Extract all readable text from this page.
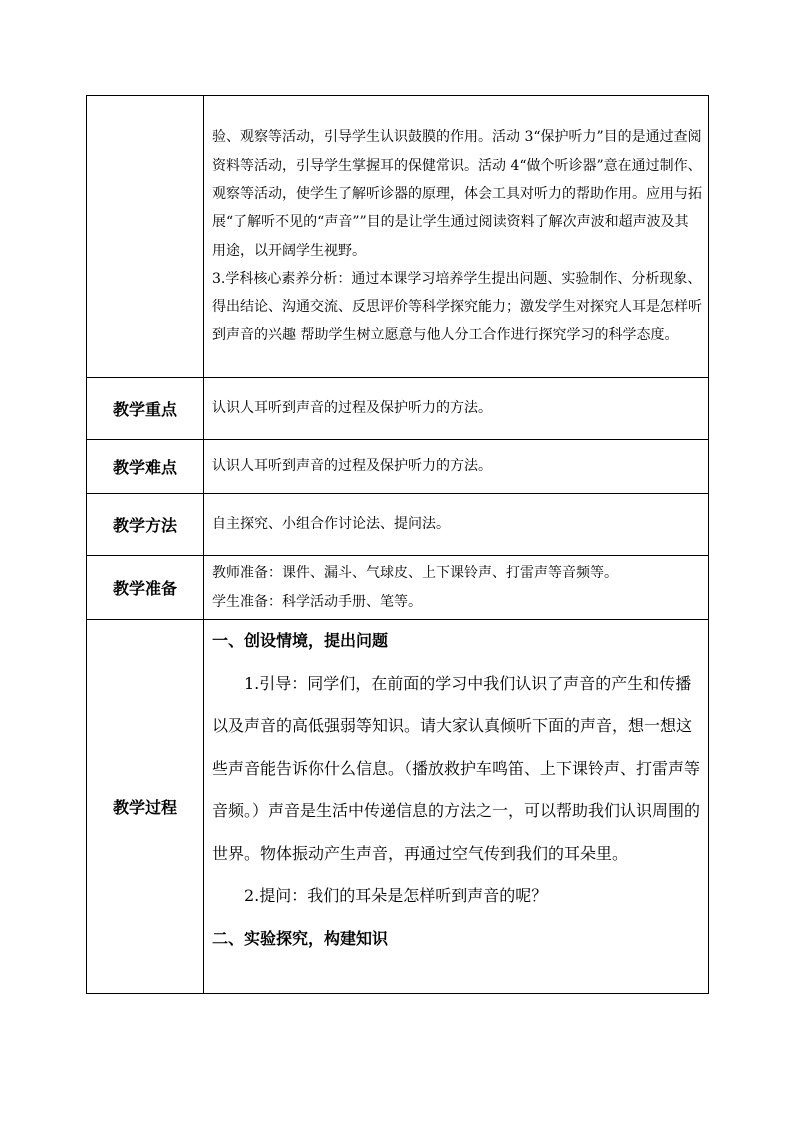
	验、观察等活动，引导学生认识鼓膜的作用。活动 3“保护听力”目的是通过查阅资料等活动，引导学生掌握耳的保健常识。活动 4“做个听诊器”意在通过制作、观察等活动，使学生了解听诊器的原理，体会工具对听力的帮助作用。应用与拓展“了解听不见的“声音””目的是让学生通过阅读资料了解次声波和超声波及其用途，以开阔学生视野。

3.学科核心素养分析：通过本课学习培养学生提出问题、实验制作、分析现象、得出结论、沟通交流、反思评价等科学探究能力；激发学生对探究人耳是怎样听到声音的兴趣 帮助学生树立愿意与他人分工合作进行探究学习的科学态度。

教学重点	认识人耳听到声音的过程及保护听力的方法。
教学难点	认识人耳听到声音的过程及保护听力的方法。
教学方法	自主探究、小组合作讨论法、提问法。
教学准备	教师准备：课件、漏斗、气球皮、上下课铃声、打雷声等音频等。

学生准备：科学活动手册、笔等。

教学过程	一、创设情境，提出问题

1.引导：同学们，在前面的学习中我们认识了声音的产生和传播以及声音的高低强弱等知识。请大家认真倾听下面的声音，想一想这些声音能告诉你什么信息。（播放救护车鸣笛、上下课铃声、打雷声等音频。）声音是生活中传递信息的方法之一，可以帮助我们认识周围的世界。物体振动产生声音，再通过空气传到我们的耳朵里。

2.提问：我们的耳朵是怎样听到声音的呢？

二、实验探究，构建知识
